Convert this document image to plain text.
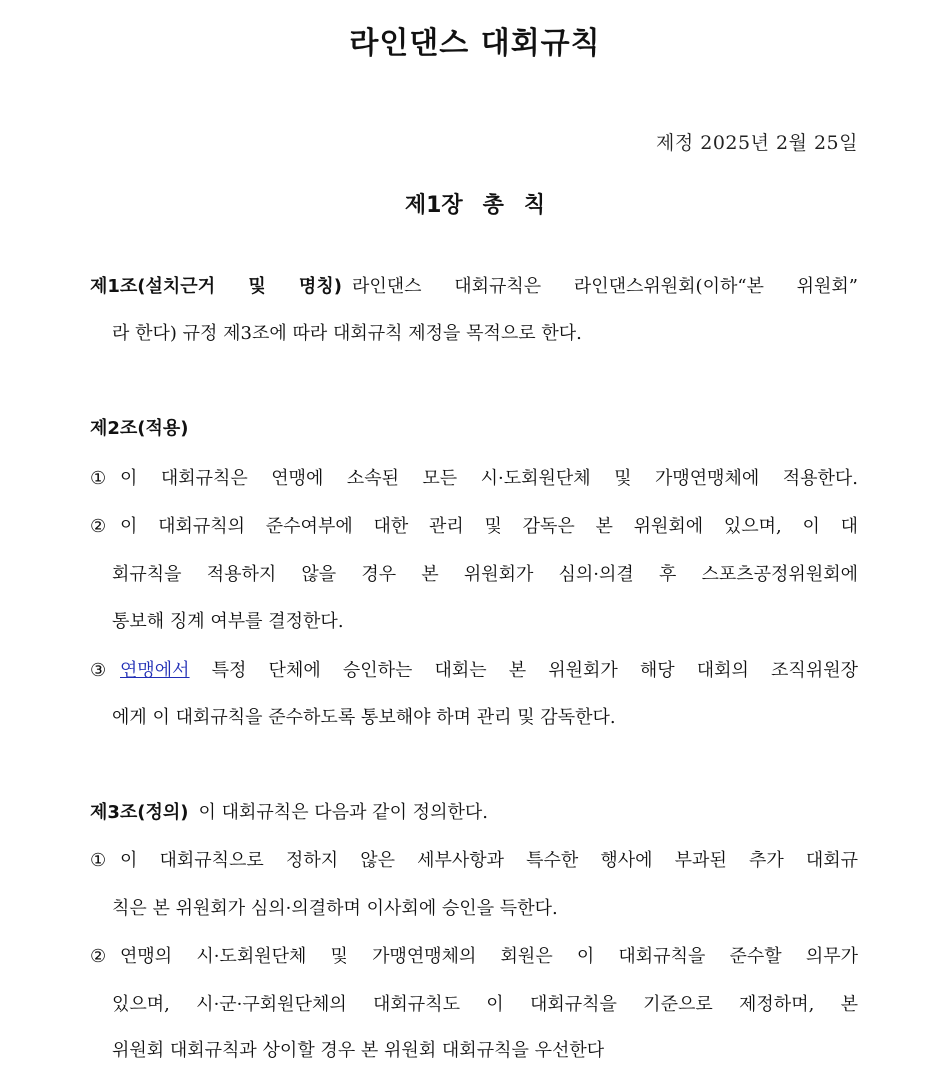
라인댄스 대회규칙
제정 2025년 2월 25일
제1장 총 칙
제1조(설치근거 및 명칭) 라인댄스 대회규칙은 라인댄스위원회(이하“본 위원회”
라 한다) 규정 제3조에 따라 대회규칙 제정을 목적으로 한다.
제2조(적용)
① 이 대회규칙은 연맹에 소속된 모든 시·도회원단체 및 가맹연맹체에 적용한다.
② 이 대회규칙의 준수여부에 대한 관리 및 감독은 본 위원회에 있으며, 이 대
회규칙을 적용하지 않을 경우 본 위원회가 심의·의결 후 스포츠공정위원회에
통보해 징계 여부를 결정한다.
③ 연맹에서 특정 단체에 승인하는 대회는 본 위원회가 해당 대회의 조직위원장
에게 이 대회규칙을 준수하도록 통보해야 하며 관리 및 감독한다.
제3조(정의) 이 대회규칙은 다음과 같이 정의한다.
① 이 대회규칙으로 정하지 않은 세부사항과 특수한 행사에 부과된 추가 대회규
칙은 본 위원회가 심의·의결하며 이사회에 승인을 득한다.
② 연맹의 시·도회원단체 및 가맹연맹체의 회원은 이 대회규칙을 준수할 의무가
있으며, 시·군·구회원단체의 대회규칙도 이 대회규칙을 기준으로 제정하며, 본
위원회 대회규칙과 상이할 경우 본 위원회 대회규칙을 우선한다
